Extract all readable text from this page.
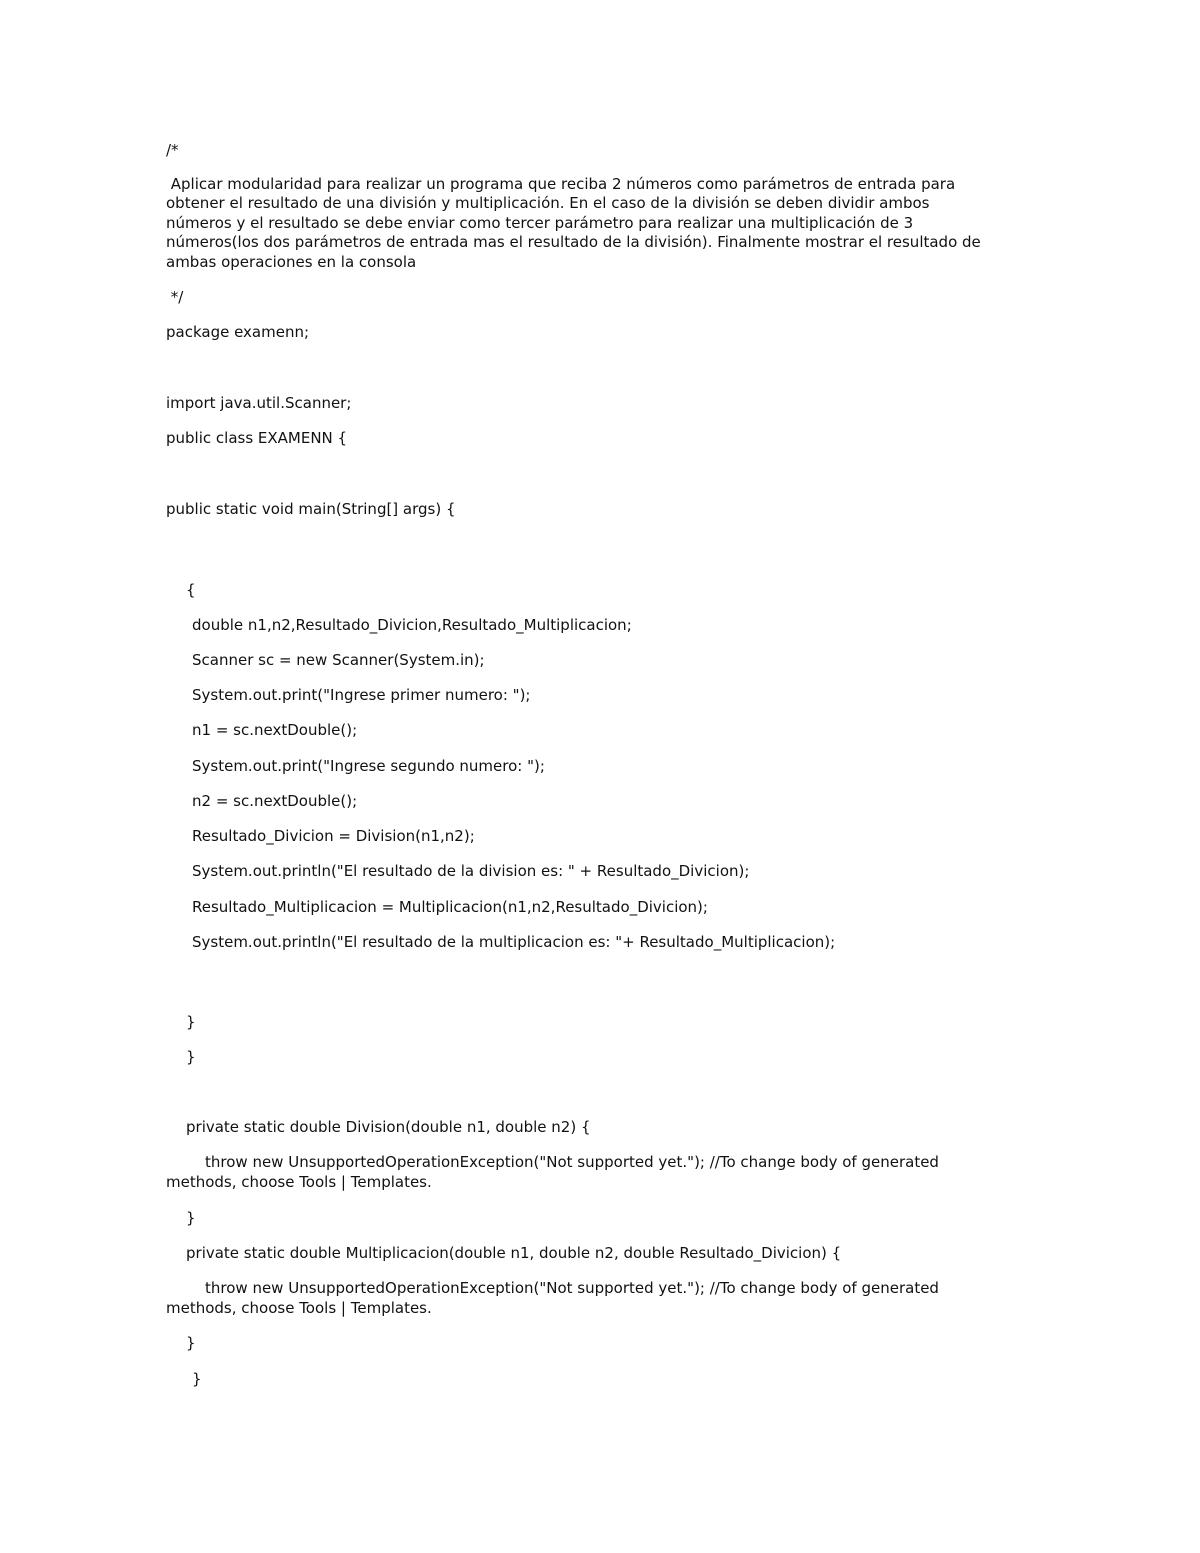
/*

Aplicar modularidad para realizar un programa que reciba 2 números como parámetros de entrada para

obtener el resultado de una división y multiplicación. En el caso de la división se deben dividir ambos

números y el resultado se debe enviar como tercer parámetro para realizar una multiplicación de 3

números(los dos parámetros de entrada mas el resultado de la división). Finalmente mostrar el resultado de

ambas operaciones en la consola

*/

package examenn;

import java.util.Scanner;

public class EXAMENN {

public static void main(String[] args) {

{

double n1,n2,Resultado_Divicion,Resultado_Multiplicacion;

Scanner sc = new Scanner(System.in);

System.out.print("Ingrese primer numero: ");

n1 = sc.nextDouble();

System.out.print("Ingrese segundo numero: ");

n2 = sc.nextDouble();

Resultado_Divicion = Division(n1,n2);

System.out.println("El resultado de la division es: " + Resultado_Divicion);

Resultado_Multiplicacion = Multiplicacion(n1,n2,Resultado_Divicion);

System.out.println("El resultado de la multiplicacion es: "+ Resultado_Multiplicacion);

}

}

private static double Division(double n1, double n2) {

throw new UnsupportedOperationException("Not supported yet."); //To change body of generated

methods, choose Tools | Templates.

}

private static double Multiplicacion(double n1, double n2, double Resultado_Divicion) {

throw new UnsupportedOperationException("Not supported yet."); //To change body of generated

methods, choose Tools | Templates.

}

}
